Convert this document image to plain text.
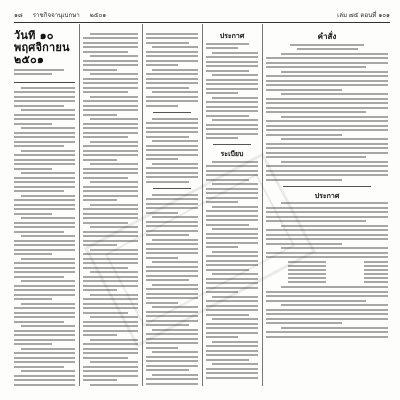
๑๘ ราชกิจจานุเบกษา ๒๕๐๑	เล่ม ๗๕ ตอนที่ ๑๐๑
วันที่ ๑๐ พฤศจิกายน ๒๕๐๑
ประกาศ
ระเบียบ
คำสั่ง
ประกาศ
